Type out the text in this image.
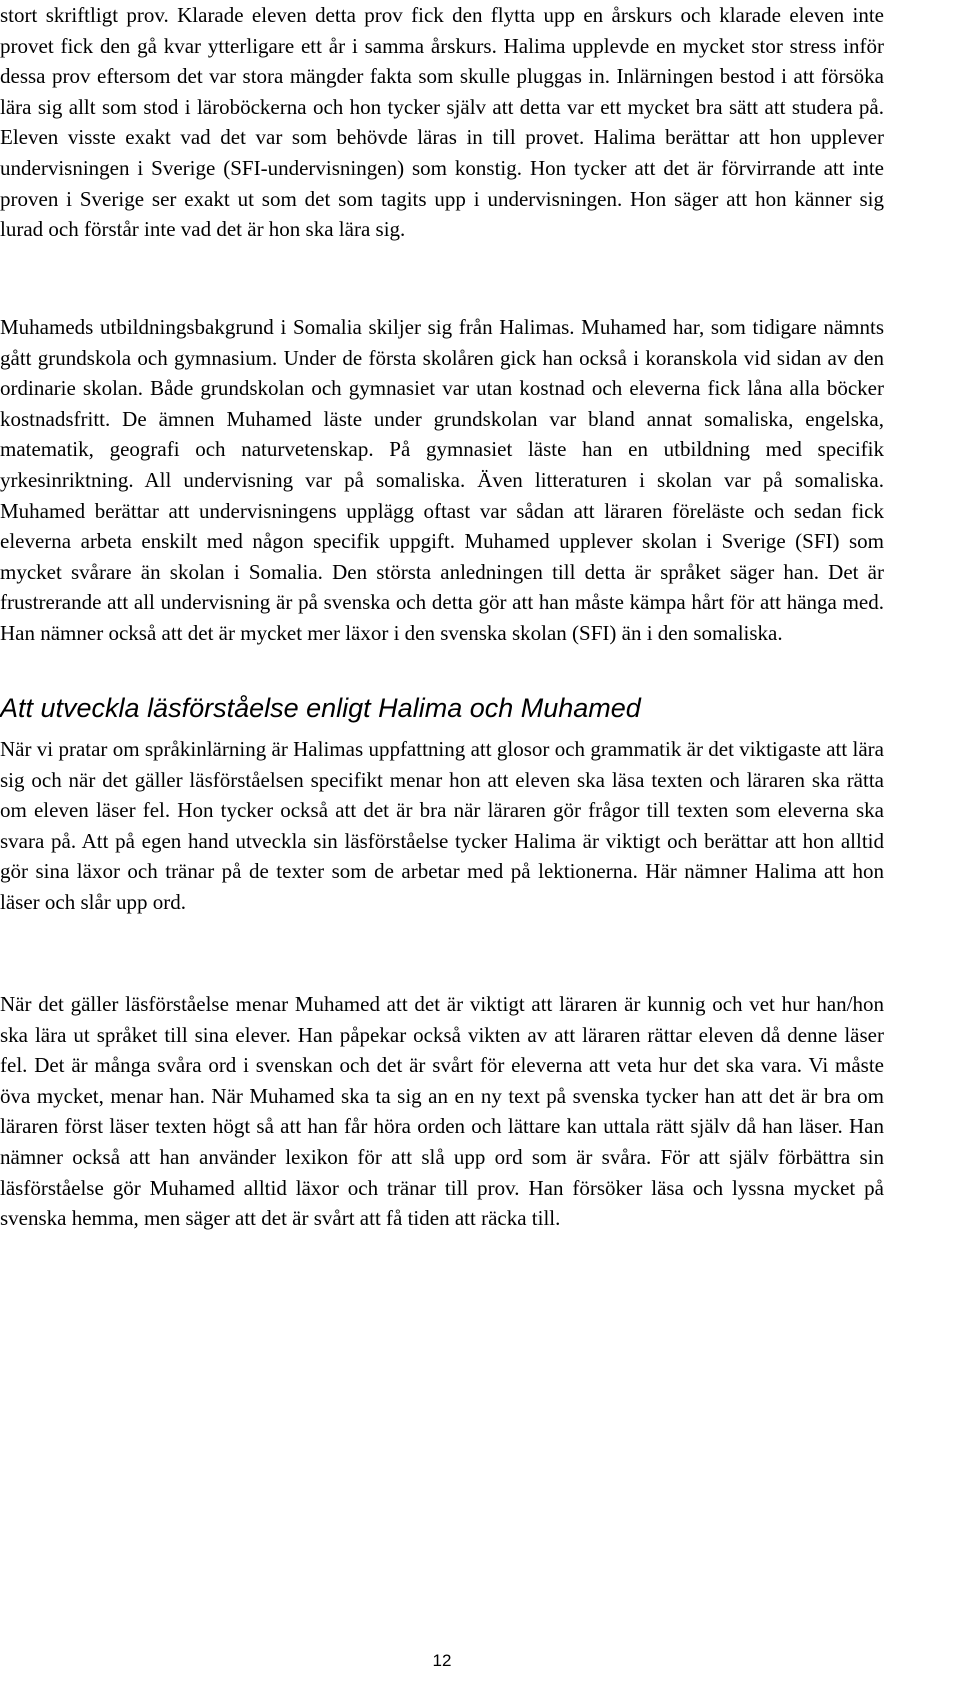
stort skriftligt prov. Klarade eleven detta prov fick den flytta upp en årskurs och klarade eleven inte provet fick den gå kvar ytterligare ett år i samma årskurs. Halima upplevde en mycket stor stress inför dessa prov eftersom det var stora mängder fakta som skulle pluggas in. Inlärningen bestod i att försöka lära sig allt som stod i läroböckerna och hon tycker själv att detta var ett mycket bra sätt att studera på. Eleven visste exakt vad det var som behövde läras in till provet. Halima berättar att hon upplever undervisningen i Sverige (SFI-undervisningen) som konstig. Hon tycker att det är förvirrande att inte proven i Sverige ser exakt ut som det som tagits upp i undervisningen. Hon säger att hon känner sig lurad och förstår inte vad det är hon ska lära sig.

Muhameds utbildningsbakgrund i Somalia skiljer sig från Halimas. Muhamed har, som tidigare nämnts gått grundskola och gymnasium. Under de första skolåren gick han också i koranskola vid sidan av den ordinarie skolan. Både grundskolan och gymnasiet var utan kostnad och eleverna fick låna alla böcker kostnadsfritt. De ämnen Muhamed läste under grundskolan var bland annat somaliska, engelska, matematik, geografi och naturvetenskap. På gymnasiet läste han en utbildning med specifik yrkesinriktning. All undervisning var på somaliska. Även litteraturen i skolan var på somaliska. Muhamed berättar att undervisningens upplägg oftast var sådan att läraren föreläste och sedan fick eleverna arbeta enskilt med någon specifik uppgift. Muhamed upplever skolan i Sverige (SFI) som mycket svårare än skolan i Somalia. Den största anledningen till detta är språket säger han. Det är frustrerande att all undervisning är på svenska och detta gör att han måste kämpa hårt för att hänga med. Han nämner också att det är mycket mer läxor i den svenska skolan (SFI) än i den somaliska.

Att utveckla läsförståelse enligt Halima och Muhamed

När vi pratar om språkinlärning är Halimas uppfattning att glosor och grammatik är det viktigaste att lära sig och när det gäller läsförståelsen specifikt menar hon att eleven ska läsa texten och läraren ska rätta om eleven läser fel. Hon tycker också att det är bra när läraren gör frågor till texten som eleverna ska svara på. Att på egen hand utveckla sin läsförståelse tycker Halima är viktigt och berättar att hon alltid gör sina läxor och tränar på de texter som de arbetar med på lektionerna. Här nämner Halima att hon läser och slår upp ord.

När det gäller läsförståelse menar Muhamed att det är viktigt att läraren är kunnig och vet hur han/hon ska lära ut språket till sina elever. Han påpekar också vikten av att läraren rättar eleven då denne läser fel. Det är många svåra ord i svenskan och det är svårt för eleverna att veta hur det ska vara. Vi måste öva mycket, menar han. När Muhamed ska ta sig an en ny text på svenska tycker han att det är bra om läraren först läser texten högt så att han får höra orden och lättare kan uttala rätt själv då han läser. Han nämner också att han använder lexikon för att slå upp ord som är svåra. För att själv förbättra sin läsförståelse gör Muhamed alltid läxor och tränar till prov. Han försöker läsa och lyssna mycket på svenska hemma, men säger att det är svårt att få tiden att räcka till.

12
